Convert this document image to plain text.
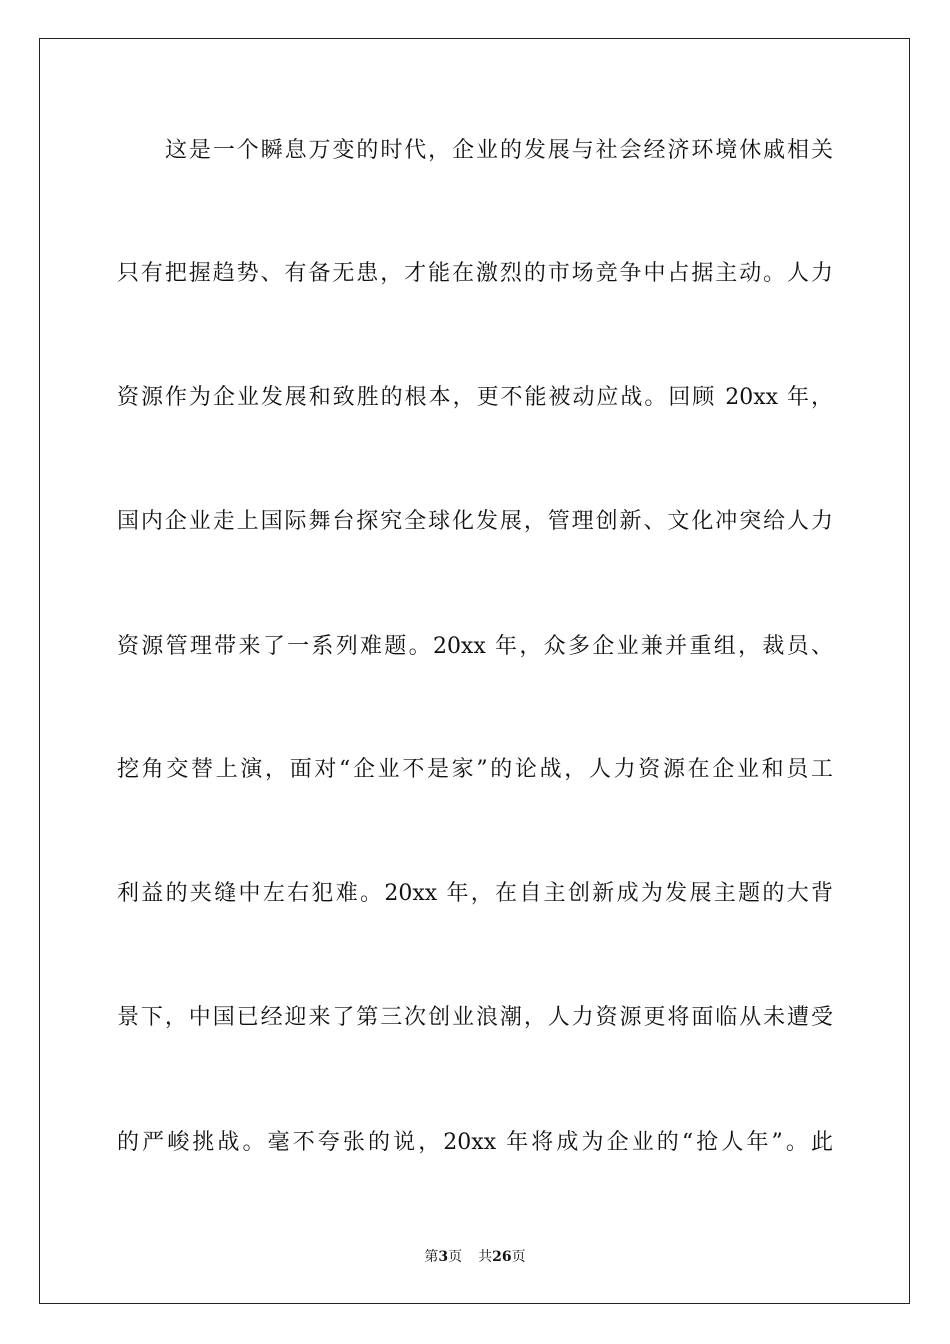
这是一个瞬息万变的时代，企业的发展与社会经济环境休戚相关
只有把握趋势、有备无患，才能在激烈的市场竞争中占据主动。人力
资源作为企业发展和致胜的根本，更不能被动应战。回顾 20xx 年，
国内企业走上国际舞台探究全球化发展，管理创新、文化冲突给人力
资源管理带来了一系列难题。20xx 年，众多企业兼并重组，裁员、
挖角交替上演，面对“企业不是家”的论战，人力资源在企业和员工
利益的夹缝中左右犯难。20xx 年，在自主创新成为发展主题的大背
景下，中国已经迎来了第三次创业浪潮，人力资源更将面临从未遭受
的严峻挑战。毫不夸张的说，20xx 年将成为企业的“抢人年”。此
第3页 共26页
